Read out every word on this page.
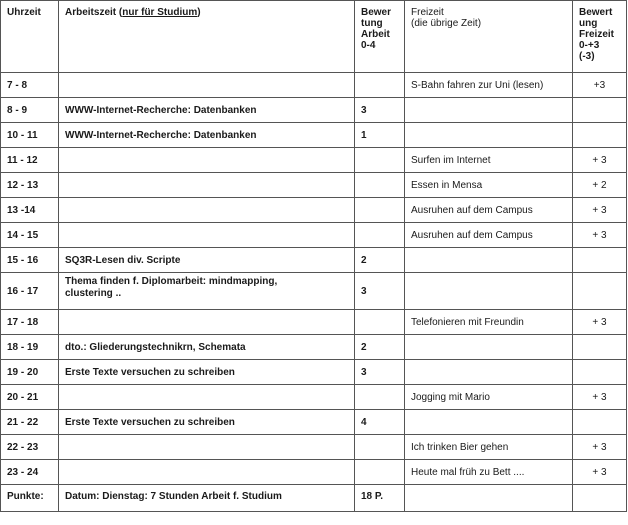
Uhrzeit	Arbeitszeit (nur für Studium)	Bewer
tung
Arbeit
0-4	Freizeit
(die übrige Zeit)	Bewert
ung
Freizeit
0-+3
(-3)
7 - 8			S-Bahn fahren zur Uni (lesen)	+3
8 - 9	WWW-Internet-Recherche: Datenbanken	3		
10 - 11	WWW-Internet-Recherche: Datenbanken	1		
11 - 12			Surfen im Internet	+ 3
12 - 13			Essen in Mensa	+ 2
13 -14			Ausruhen auf dem Campus	+ 3
14 - 15			Ausruhen auf dem Campus	+ 3
15 - 16	SQ3R-Lesen div. Scripte	2		
16 - 17	Thema finden f. Diplomarbeit: mindmapping,
clustering ..	3		
17 - 18			Telefonieren mit Freundin	+ 3
18 - 19	dto.: Gliederungstechnikrn, Schemata	2		
19 - 20	Erste Texte versuchen zu schreiben	3		
20 - 21			Jogging mit Mario	+ 3
21 - 22	Erste Texte versuchen zu schreiben	4		
22 - 23			Ich trinken Bier gehen	+ 3
23 - 24			Heute mal früh zu Bett ....	+ 3
Punkte:	Datum: Dienstag: 7 Stunden Arbeit f. Studium	18 P.		
